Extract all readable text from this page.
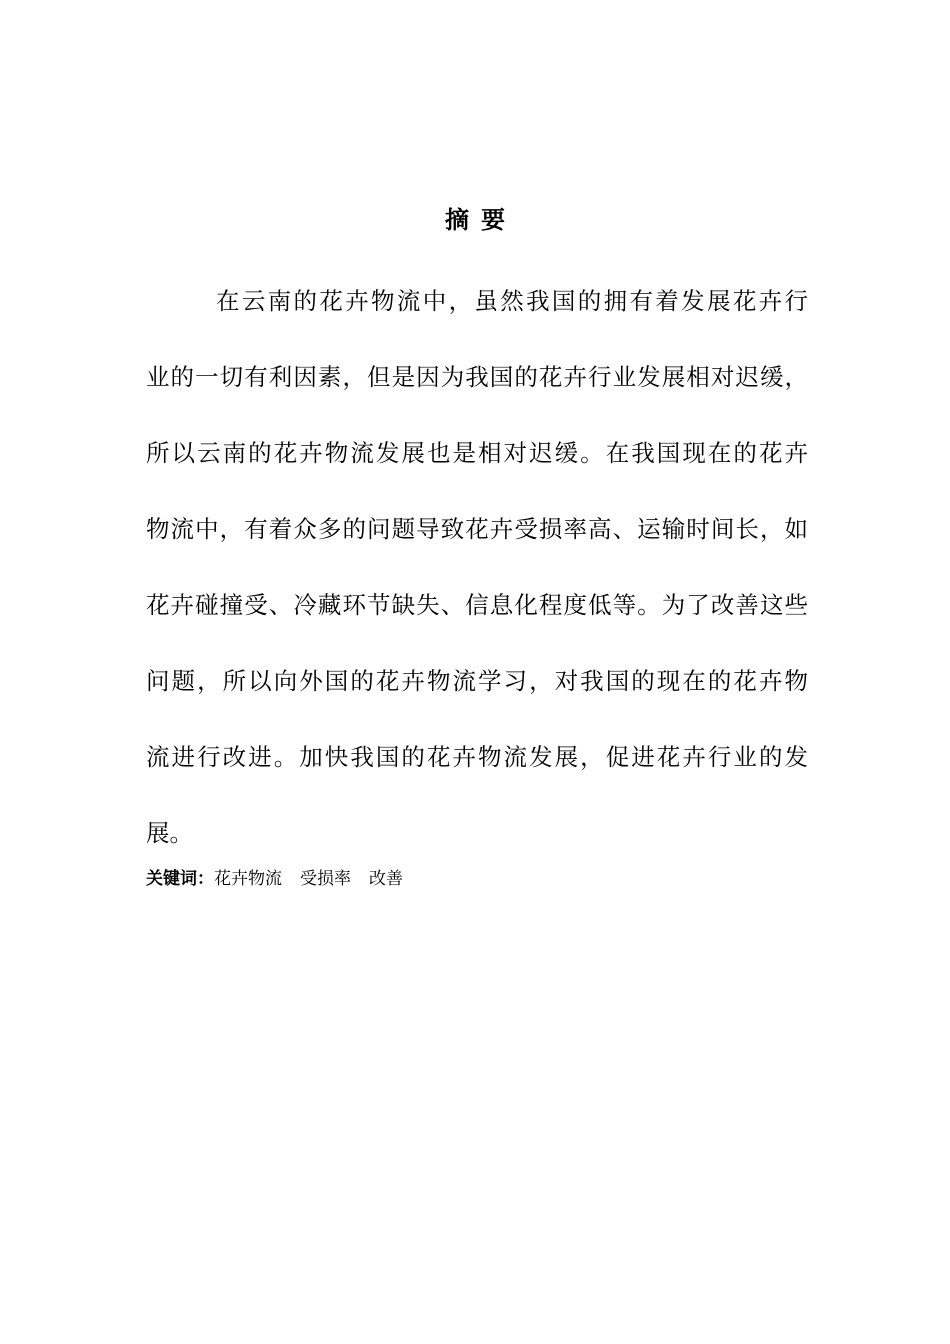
摘 要
在云南的花卉物流中，虽然我国的拥有着发展花卉行
业的一切有利因素，但是因为我国的花卉行业发展相对迟缓，
所以云南的花卉物流发展也是相对迟缓。在我国现在的花卉
物流中，有着众多的问题导致花卉受损率高、运输时间长，如
花卉碰撞受、冷藏环节缺失、信息化程度低等。为了改善这些
问题，所以向外国的花卉物流学习，对我国的现在的花卉物
流进行改进。加快我国的花卉物流发展，促进花卉行业的发
展。
关键词：花卉物流 受损率 改善
